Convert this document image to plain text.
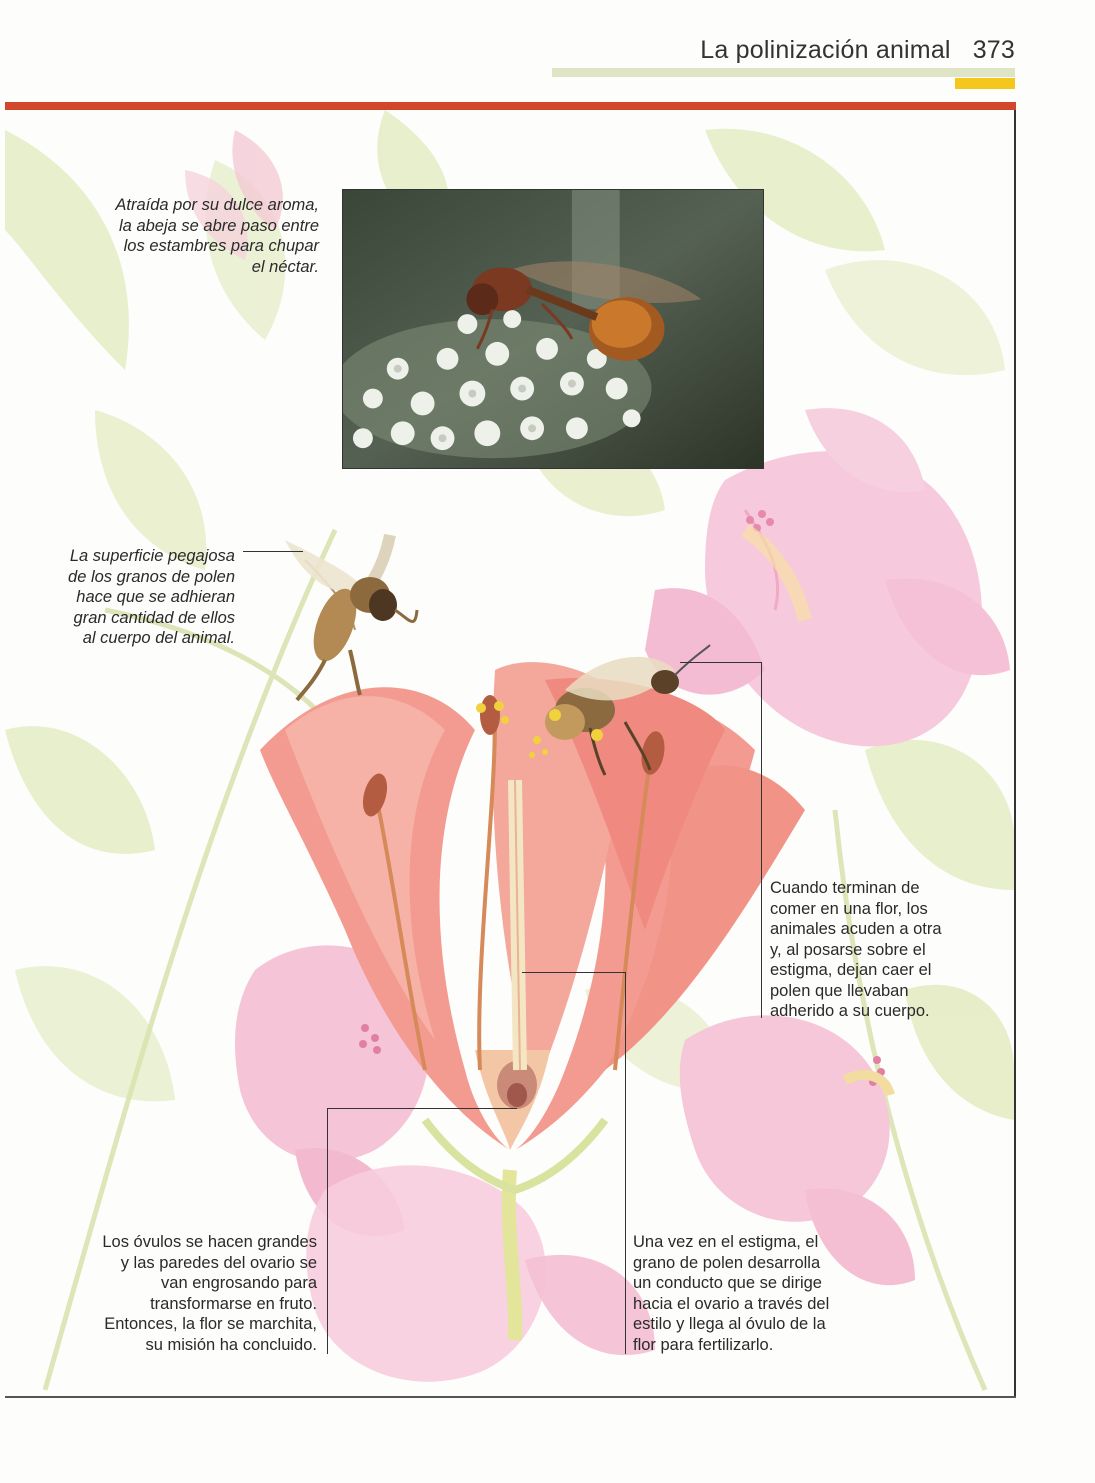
La polinización animal 373
Atraída por su dulce aroma,
la abeja se abre paso entre
los estambres para chupar
el néctar.
La superficie pegajosa
de los granos de polen
hace que se adhieran
gran cantidad de ellos
al cuerpo del animal.
Cuando terminan de
comer en una flor, los
animales acuden a otra
y, al posarse sobre el
estigma, dejan caer el
polen que llevaban
adherido a su cuerpo.
Los óvulos se hacen grandes
y las paredes del ovario se
van engrosando para
transformarse en fruto.
Entonces, la flor se marchita,
su misión ha concluido.
Una vez en el estigma, el
grano de polen desarrolla
un conducto que se dirige
hacia el ovario a través del
estilo y llega al óvulo de la
flor para fertilizarlo.
